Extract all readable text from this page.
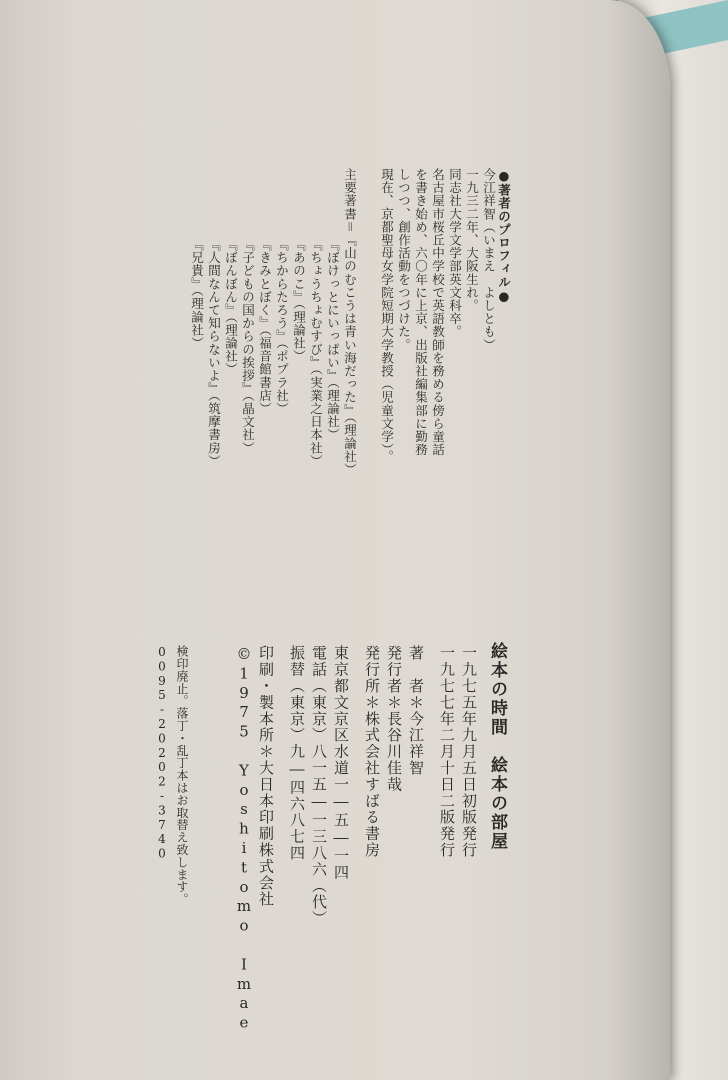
●著者のプロフィル●
今江祥智（いまえ　よしとも）
一九三二年、大阪生れ。
同志社大学文学部英文科卒。
名古屋市桜丘中学校で英語教師を務める傍ら童話
を書き始め、六〇年に上京、出版社編集部に勤務
しつつ、創作活動をつづけた。
現在、京都聖母女学院短期大学教授（児童文学）。
主要著書＝『山のむこうは青い海だった』（理論社）
『ぼけっとにいっぱい』（理論社）
『ちょうちょむすび』（実業之日本社）
『あのこ』（理論社）
『ちからたろう』（ポプラ社）
『きみとぼく』（福音館書店）
『子どもの国からの挨拶』（晶文社）
『ぼんぼん』（理論社）
『人間なんて知らないよ』（筑摩書房）
『兄貴』（理論社）
絵本の時間　絵本の部屋
一九七五年九月五日初版発行
一九七七年二月十日二版発行
著　者＊今江祥智
発行者＊長谷川佳哉
発行所＊株式会社すばる書房
東京都文京区水道一―五―一四
電話（東京）八一五―一三八六（代）
振替（東京）九―四六八七四
印刷・製本所＊大日本印刷株式会社
©1975 Yoshitomo Imae
検印廃止。落丁・乱丁本はお取替え致します。
0095-20202-3740
